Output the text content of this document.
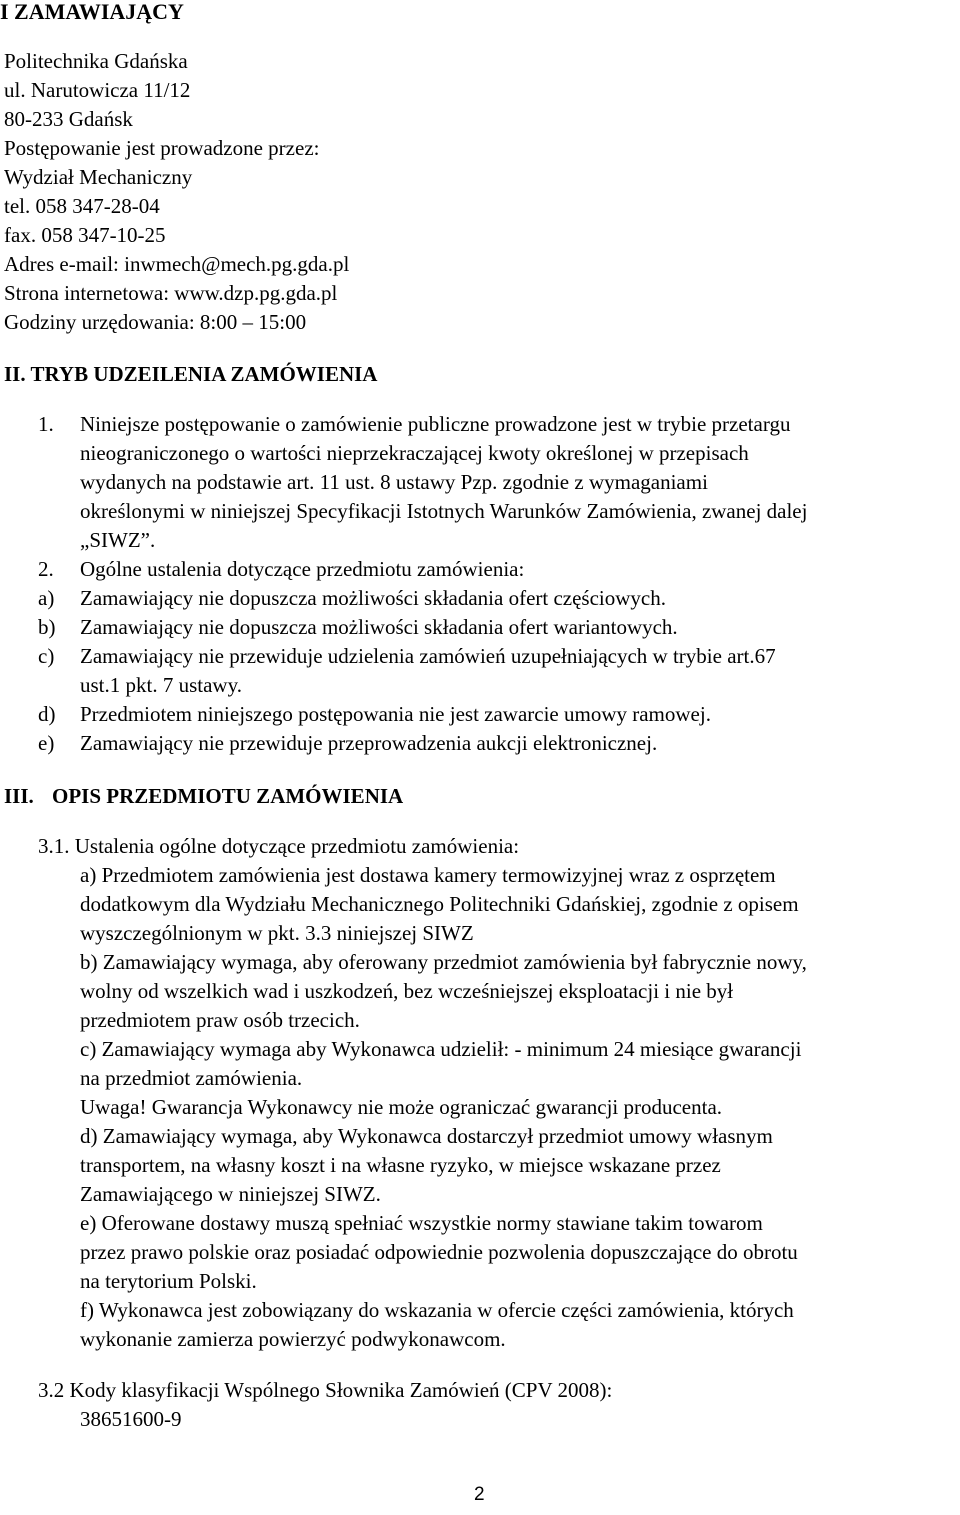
I ZAMAWIAJĄCY
Politechnika Gdańska
ul. Narutowicza 11/12
80-233 Gdańsk
Postępowanie jest prowadzone przez:
Wydział Mechaniczny
tel. 058 347-28-04
fax. 058 347-10-25
Adres e-mail: inwmech@mech.pg.gda.pl
Strona internetowa: www.dzp.pg.gda.pl
Godziny urzędowania: 8:00 – 15:00
II. TRYB UDZEILENIA ZAMÓWIENIA
1. Niniejsze postępowanie o zamówienie publiczne prowadzone jest w trybie przetargu
nieograniczonego o wartości nieprzekraczającej kwoty określonej w przepisach
wydanych na podstawie art. 11 ust. 8 ustawy Pzp. zgodnie z wymaganiami
określonymi w niniejszej Specyfikacji Istotnych Warunków Zamówienia, zwanej dalej
„SIWZ”.
2. Ogólne ustalenia dotyczące przedmiotu zamówienia:
a) Zamawiający nie dopuszcza możliwości składania ofert częściowych.
b) Zamawiający nie dopuszcza możliwości składania ofert wariantowych.
c) Zamawiający nie przewiduje udzielenia zamówień uzupełniających w trybie art.67
ust.1 pkt. 7 ustawy.
d) Przedmiotem niniejszego postępowania nie jest zawarcie umowy ramowej.
e) Zamawiający nie przewiduje przeprowadzenia aukcji elektronicznej.
III. OPIS PRZEDMIOTU ZAMÓWIENIA
3.1. Ustalenia ogólne dotyczące przedmiotu zamówienia:
a) Przedmiotem zamówienia jest dostawa kamery termowizyjnej wraz z osprzętem
dodatkowym dla Wydziału Mechanicznego Politechniki Gdańskiej, zgodnie z opisem
wyszczególnionym w pkt. 3.3 niniejszej SIWZ
b) Zamawiający wymaga, aby oferowany przedmiot zamówienia był fabrycznie nowy,
wolny od wszelkich wad i uszkodzeń, bez wcześniejszej eksploatacji i nie był
przedmiotem praw osób trzecich.
c) Zamawiający wymaga aby Wykonawca udzielił: - minimum 24 miesiące gwarancji
na przedmiot zamówienia.
Uwaga! Gwarancja Wykonawcy nie może ograniczać gwarancji producenta.
d) Zamawiający wymaga, aby Wykonawca dostarczył przedmiot umowy własnym
transportem, na własny koszt i na własne ryzyko, w miejsce wskazane przez
Zamawiającego w niniejszej SIWZ.
e) Oferowane dostawy muszą spełniać wszystkie normy stawiane takim towarom
przez prawo polskie oraz posiadać odpowiednie pozwolenia dopuszczające do obrotu
na terytorium Polski.
f) Wykonawca jest zobowiązany do wskazania w ofercie części zamówienia, których
wykonanie zamierza powierzyć podwykonawcom.
3.2 Kody klasyfikacji Wspólnego Słownika Zamówień (CPV 2008):
38651600-9
2
